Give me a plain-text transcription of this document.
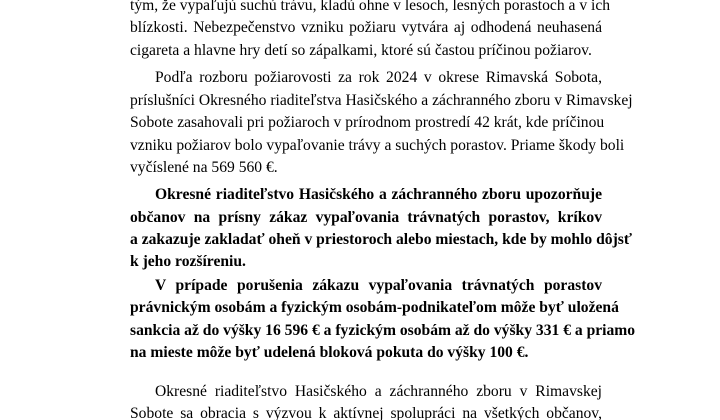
tým, že vypaľujú suchú trávu, kladú ohne v lesoch, lesných porastoch a v ich
blízkosti. Nebezpečenstvo vzniku požiaru vytvára aj odhodená neuhasená
cigareta a hlavne hry detí so zápalkami, ktoré sú častou príčinou požiarov.
Podľa rozboru požiarovosti za rok 2024 v okrese Rimavská Sobota,
príslušníci Okresného riaditeľstva Hasičského a záchranného zboru v Rimavskej
Sobote zasahovali pri požiaroch v prírodnom prostredí 42 krát, kde príčinou
vzniku požiarov bolo vypaľovanie trávy a suchých porastov. Priame škody boli
vyčíslené na 569 560 €.
Okresné riaditeľstvo Hasičského a záchranného zboru upozorňuje
občanov na prísny zákaz vypaľovania trávnatých porastov, kríkov
a zakazuje zakladať oheň v priestoroch alebo miestach, kde by mohlo dôjsť
k jeho rozšíreniu.
V prípade porušenia zákazu vypaľovania trávnatých porastov
právnickým osobám a fyzickým osobám-podnikateľom môže byť uložená
sankcia až do výšky 16 596 € a fyzickým osobám až do výšky 331 € a priamo
na mieste môže byť udelená bloková pokuta do výšky 100 €.
Okresné riaditeľstvo Hasičského a záchranného zboru v Rimavskej
Sobote sa obracia s výzvou k aktívnej spolupráci na všetkých občanov,
